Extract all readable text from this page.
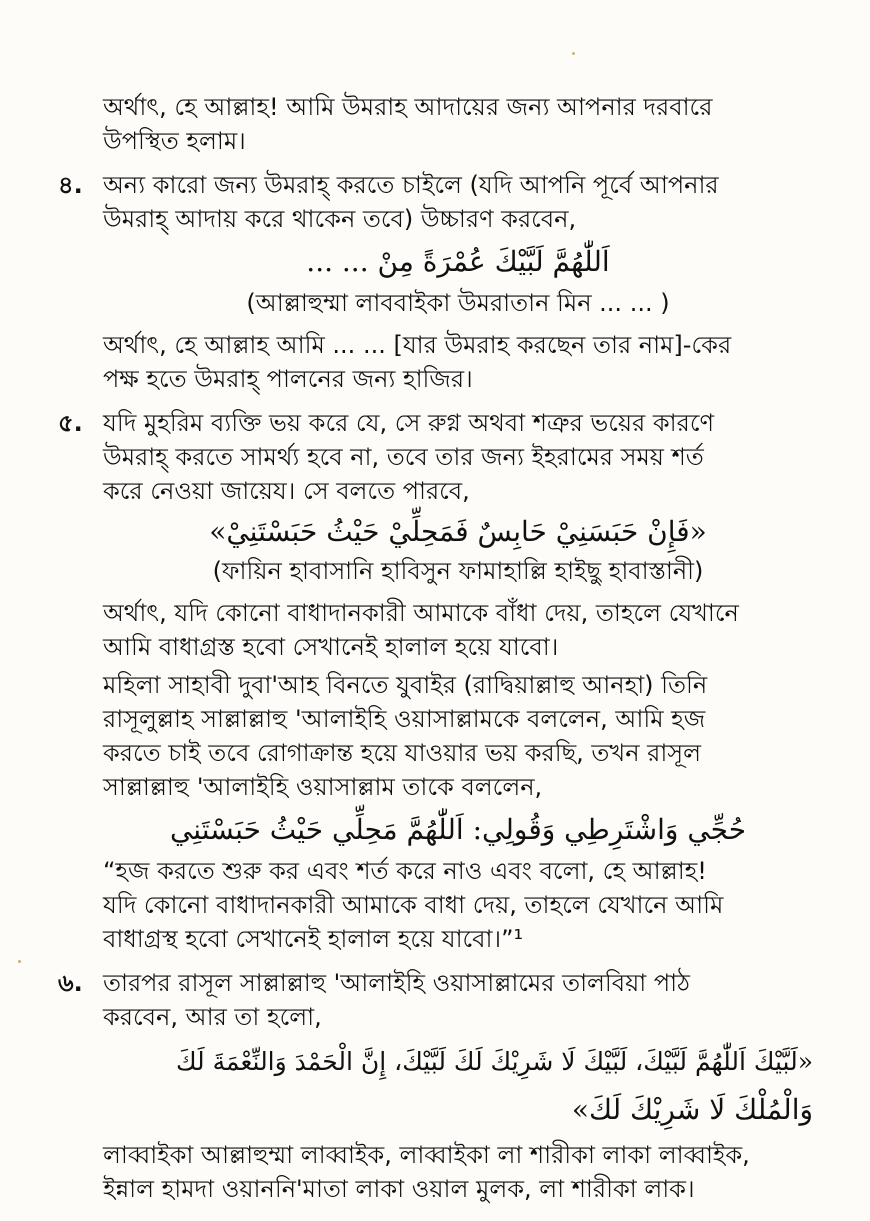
অর্থাৎ, হে আল্লাহ! আমি উমরাহ আদায়ের জন্য আপনার দরবারে

উপস্থিত হলাম।

৪. অন্য কারো জন্য উমরাহ্ করতে চাইলে (যদি আপনি পূর্বে আপনার

উমরাহ্ আদায় করে থাকেন তবে) উচ্চারণ করবেন,

اَللّٰهُمَّ لَبَّيْكَ عُمْرَةً مِنْ ... ...

(আল্লাহুম্মা লাববাইকা উমরাতান মিন ... ... )

অর্থাৎ, হে আল্লাহ আমি ... ... [যার উমরাহ করছেন তার নাম]-কের

পক্ষ হতে উমরাহ্ পালনের জন্য হাজির।

৫. যদি মুহরিম ব্যক্তি ভয় করে যে, সে রুগ্ন অথবা শত্রুর ভয়ের কারণে

উমরাহ্ করতে সামর্থ্য হবে না, তবে তার জন্য ইহরামের সময় শর্ত

করে নেওয়া জায়েয। সে বলতে পারবে,

«فَإِنْ حَبَسَنِيْ حَابِسٌ فَمَحِلِّيْ حَيْثُ حَبَسْتَنِيْ»

(ফায়িন হাবাসানি হাবিসুন ফামাহাল্লি হাইছু হাবাস্তানী)

অর্থাৎ, যদি কোনো বাধাদানকারী আমাকে বাঁধা দেয়, তাহলে যেখানে

আমি বাধাগ্রস্ত হবো সেখানেই হালাল হয়ে যাবো।

মহিলা সাহাবী দুবা'আহ বিনতে যুবাইর (রাদ্বিয়াল্লাহু আনহা) তিনি

রাসূলুল্লাহ সাল্লাল্লাহু 'আলাইহি ওয়াসাল্লামকে বললেন, আমি হজ

করতে চাই তবে রোগাক্রান্ত হয়ে যাওয়ার ভয় করছি, তখন রাসূল

সাল্লাল্লাহু 'আলাইহি ওয়াসাল্লাম তাকে বললেন,

حُجِّي وَاشْتَرِطِي وَقُولِي: اَللّٰهُمَّ مَحِلِّي حَيْثُ حَبَسْتَنِي

“হজ করতে শুরু কর এবং শর্ত করে নাও এবং বলো, হে আল্লাহ!

যদি কোনো বাধাদানকারী আমাকে বাধা দেয়, তাহলে যেখানে আমি

বাধাগ্রস্থ হবো সেখানেই হালাল হয়ে যাবো।”¹

৬. তারপর রাসূল সাল্লাল্লাহু 'আলাইহি ওয়াসাল্লামের তালবিয়া পাঠ

করবেন, আর তা হলো,

«لَبَّيْكَ اَللّٰهُمَّ لَبَّيْكَ، لَبَّيْكَ لَا شَرِيْكَ لَكَ لَبَّيْكَ، إِنَّ الْحَمْدَ وَالنِّعْمَةَ لَكَ

وَالْمُلْكَ لَا شَرِيْكَ لَكَ»

লাব্বাইকা আল্লাহুম্মা লাব্বাইক, লাব্বাইকা লা শারীকা লাকা লাব্বাইক,

ইন্নাল হামদা ওয়াননি'মাতা লাকা ওয়াল মুলক, লা শারীকা লাক।
